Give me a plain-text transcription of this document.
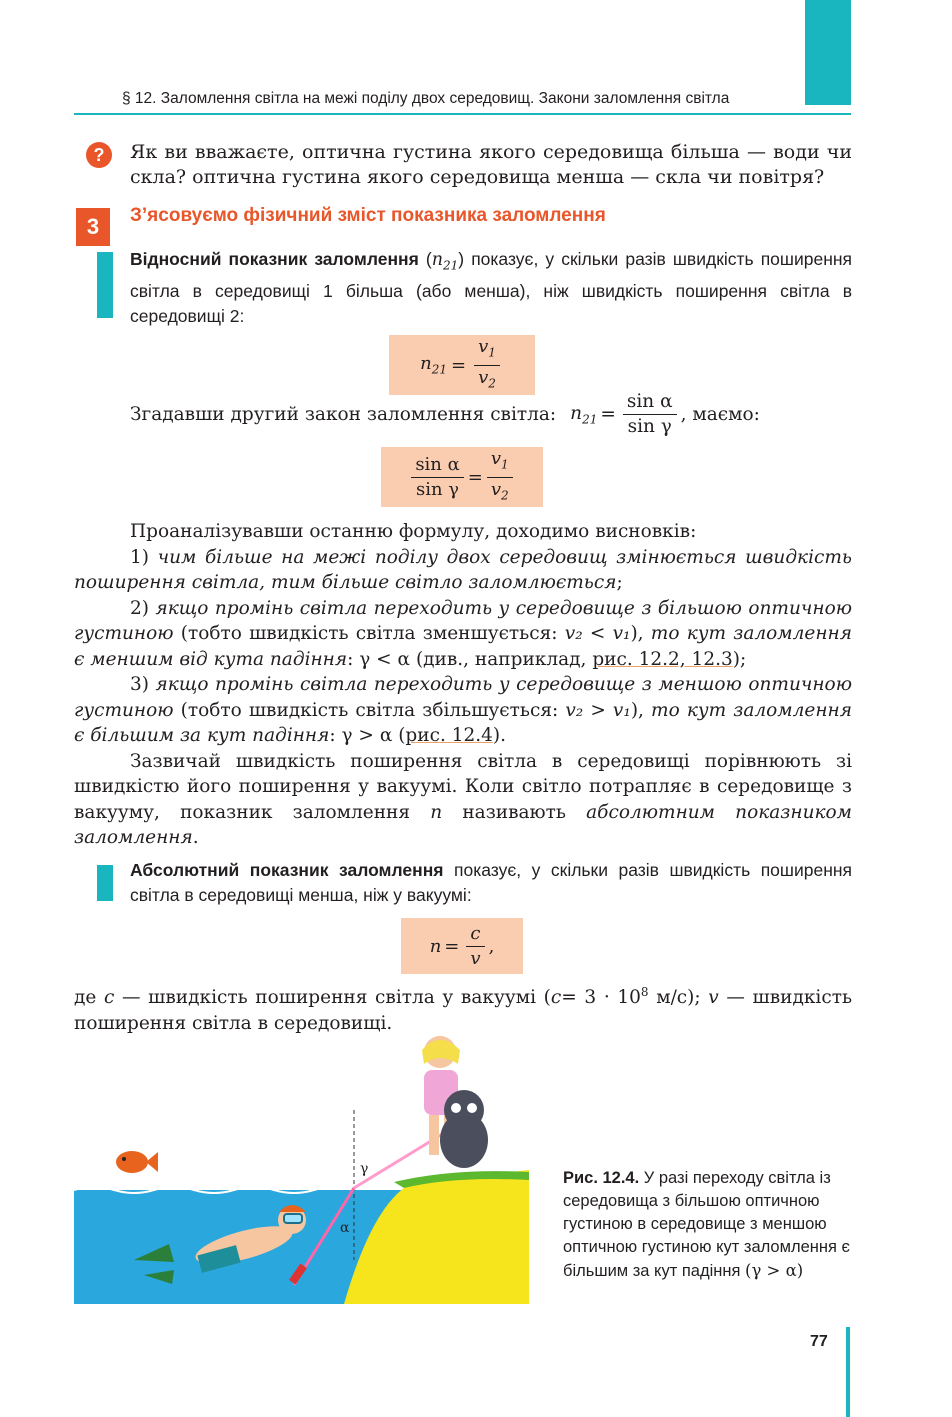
§ 12. Заломлення світла на межі поділу двох середовищ. Закони заломлення світла
?	Як ви вважаєте, оптична густина якого середовища більша — води чи скла? оптична густина якого середовища менша — скла чи повітря?
3	З’ясовуємо фізичний зміст показника заломлення
Відносний показник заломлення $(n_{21})$ показує, у скільки разів швидкість поширення світла в середовищі 1 більша (або менша), ніж швидкість поширення світла в середовищі 2:
$n_{21} = \frac{v_1}{v_2}$
Згадавши другий закон заломлення світла: $n_{21} = \frac{\text{sin α}}{\text{sin γ}}$ , маємо:
$\frac{\text{sin α}}{\text{sin γ}} = \frac{v_1}{v_2}$

Проаналізувавши останню формулу, доходимо висновків:

1) чим більше на межі поділу двох середовищ змінюється швидкість поширення світла, тим більше світло заломлюється;

2) якщо промінь світла переходить у середовище з більшою оптичною густиною (тобто швидкість світла зменшується: v₂ < v₁), то кут заломлення є меншим від кута падіння: γ < α (див., наприклад, рис. 12.2, 12.3);

3) якщо промінь світла переходить у середовище з меншою оптичною густиною (тобто швидкість світла збільшується: v₂ > v₁), то кут заломлення є більшим за кут падіння: γ > α (рис. 12.4).

Зазвичай швидкість поширення світла в середовищі порівнюють зі швидкістю його поширення у вакуумі. Коли світло потрапляє в середовище з вакууму, показник заломлення n називають абсолютним показником заломлення.

Абсолютний показник заломлення показує, у скільки разів швидкість поширення світла в середовищі менша, ніж у вакуумі:
$n = \frac{c}{v}$ ,
де c — швидкість поширення світла у вакуумі ($c= 3 \cdot 10^8$ м/с); v — швидкість поширення світла в середовищі.
γ
α
Рис. 12.4. У разі переходу світла із середовища з більшою оптичною густиною в середовище з меншою оптичною густиною кут заломлення є більшим за кут падіння (γ > α)
77
